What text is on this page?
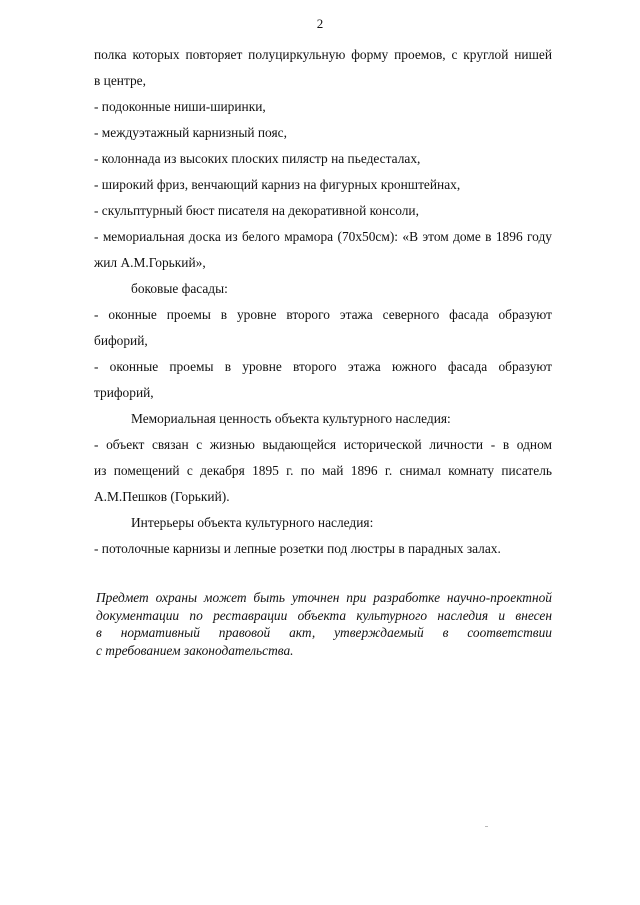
2

полка которых повторяет полуциркульную форму проемов, с круглой нишей

в центре,

- подоконные ниши-ширинки,

- междуэтажный карнизный пояс,

- колоннада из высоких плоских пилястр на пьедесталах,

- широкий фриз, венчающий карниз на фигурных кронштейнах,

- скульптурный бюст писателя на декоративной консоли,

- мемориальная доска из белого мрамора (70х50см): «В этом доме в 1896 году

жил А.М.Горький»,

боковые фасады:

- оконные проемы в уровне второго этажа северного фасада образуют

бифорий,

- оконные проемы в уровне второго этажа южного фасада образуют

трифорий,

Мемориальная ценность объекта культурного наследия:

- объект связан с жизнью выдающейся исторической личности - в одном

из помещений с декабря 1895 г. по май 1896 г. снимал комнату писатель

А.М.Пешков (Горький).

Интерьеры объекта культурного наследия:

- потолочные карнизы и лепные розетки под люстры в парадных залах.

Предмет охраны может быть уточнен при разработке научно-проектной

документации по реставрации объекта культурного наследия и внесен

в нормативный правовой акт, утверждаемый в соответствии

с требованием законодательства.
